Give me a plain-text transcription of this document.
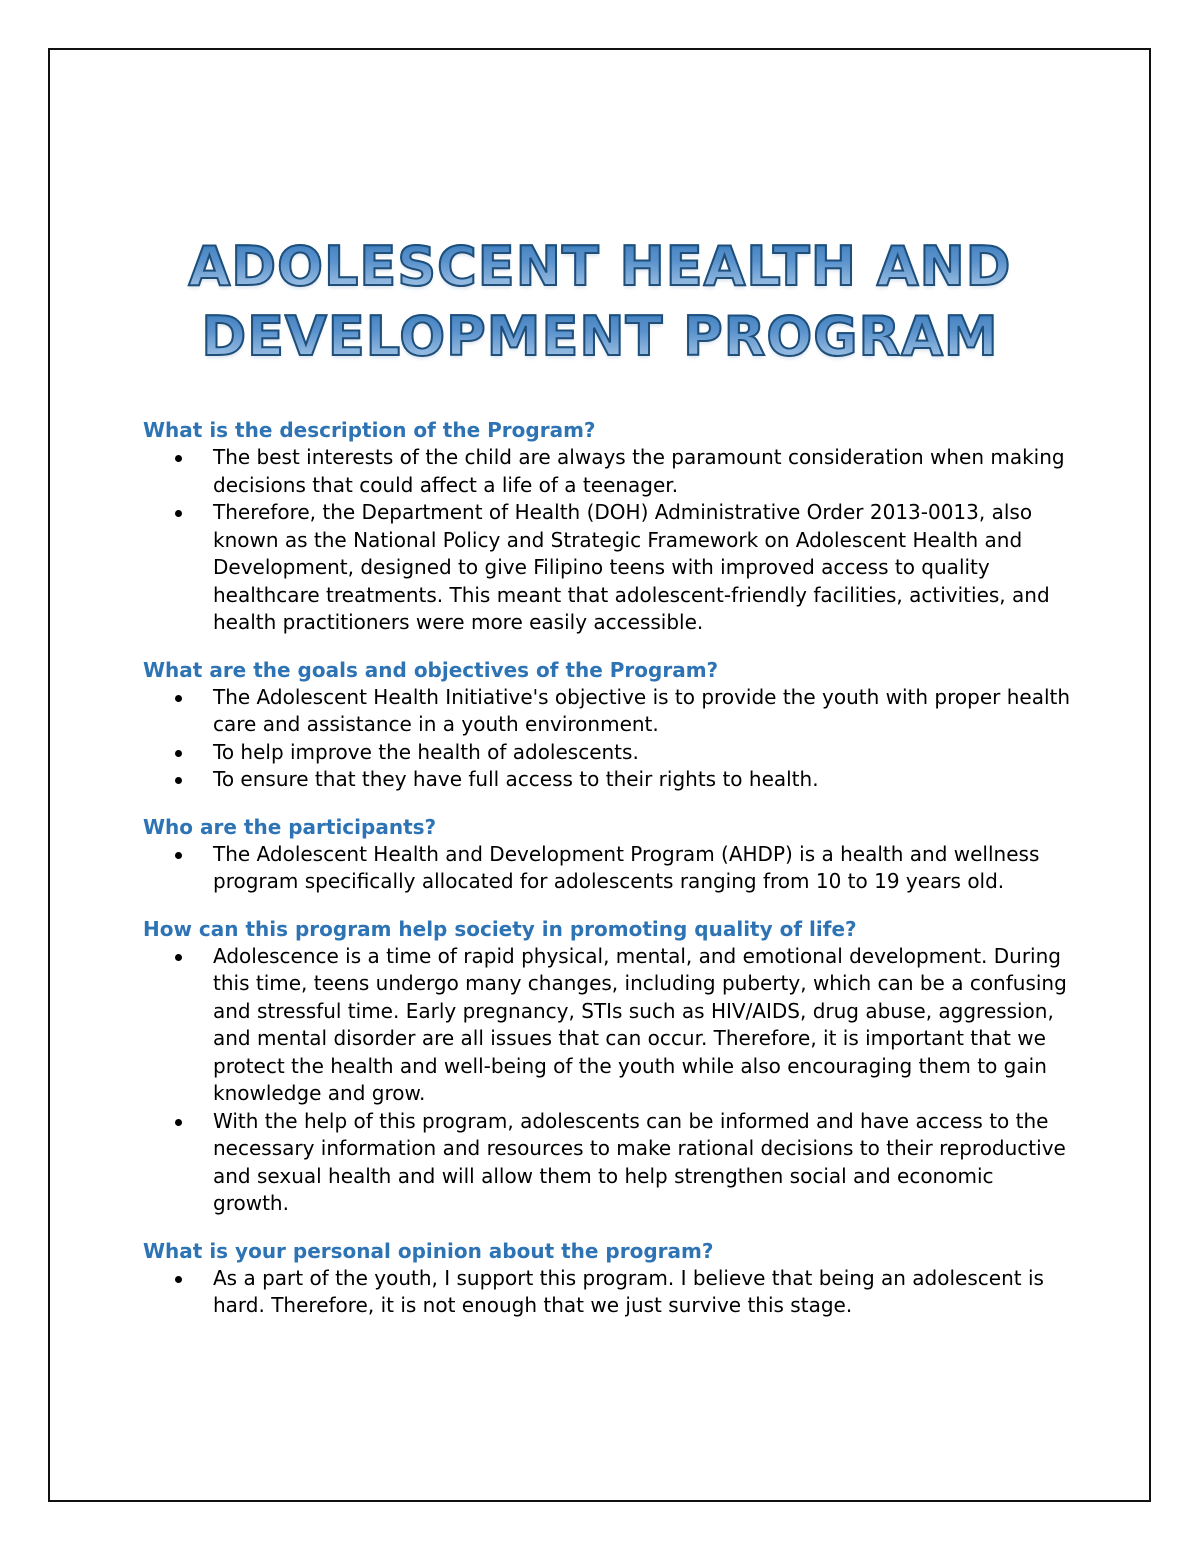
ADOLESCENT HEALTH AND
DEVELOPMENT PROGRAM

What is the description of the Program?

The best interests of the child are always the paramount consideration when making decisions that could affect a life of a teenager.
Therefore, the Department of Health (DOH) Administrative Order 2013-0013, also known as the National Policy and Strategic Framework on Adolescent Health and Development, designed to give Filipino teens with improved access to quality healthcare treatments. This meant that adolescent-friendly facilities, activities, and health practitioners were more easily accessible.

What are the goals and objectives of the Program?

The Adolescent Health Initiative's objective is to provide the youth with proper health care and assistance in a youth environment.
To help improve the health of adolescents.
To ensure that they have full access to their rights to health.

Who are the participants?

The Adolescent Health and Development Program (AHDP) is a health and wellness program specifically allocated for adolescents ranging from 10 to 19 years old.

How can this program help society in promoting quality of life?

Adolescence is a time of rapid physical, mental, and emotional development. During this time, teens undergo many changes, including puberty, which can be a confusing and stressful time. Early pregnancy, STIs such as HIV/AIDS, drug abuse, aggression, and mental disorder are all issues that can occur. Therefore, it is important that we protect the health and well-being of the youth while also encouraging them to gain knowledge and grow.
With the help of this program, adolescents can be informed and have access to the necessary information and resources to make rational decisions to their reproductive and sexual health and will allow them to help strengthen social and economic growth.

What is your personal opinion about the program?

As a part of the youth, I support this program. I believe that being an adolescent is hard. Therefore, it is not enough that we just survive this stage.
